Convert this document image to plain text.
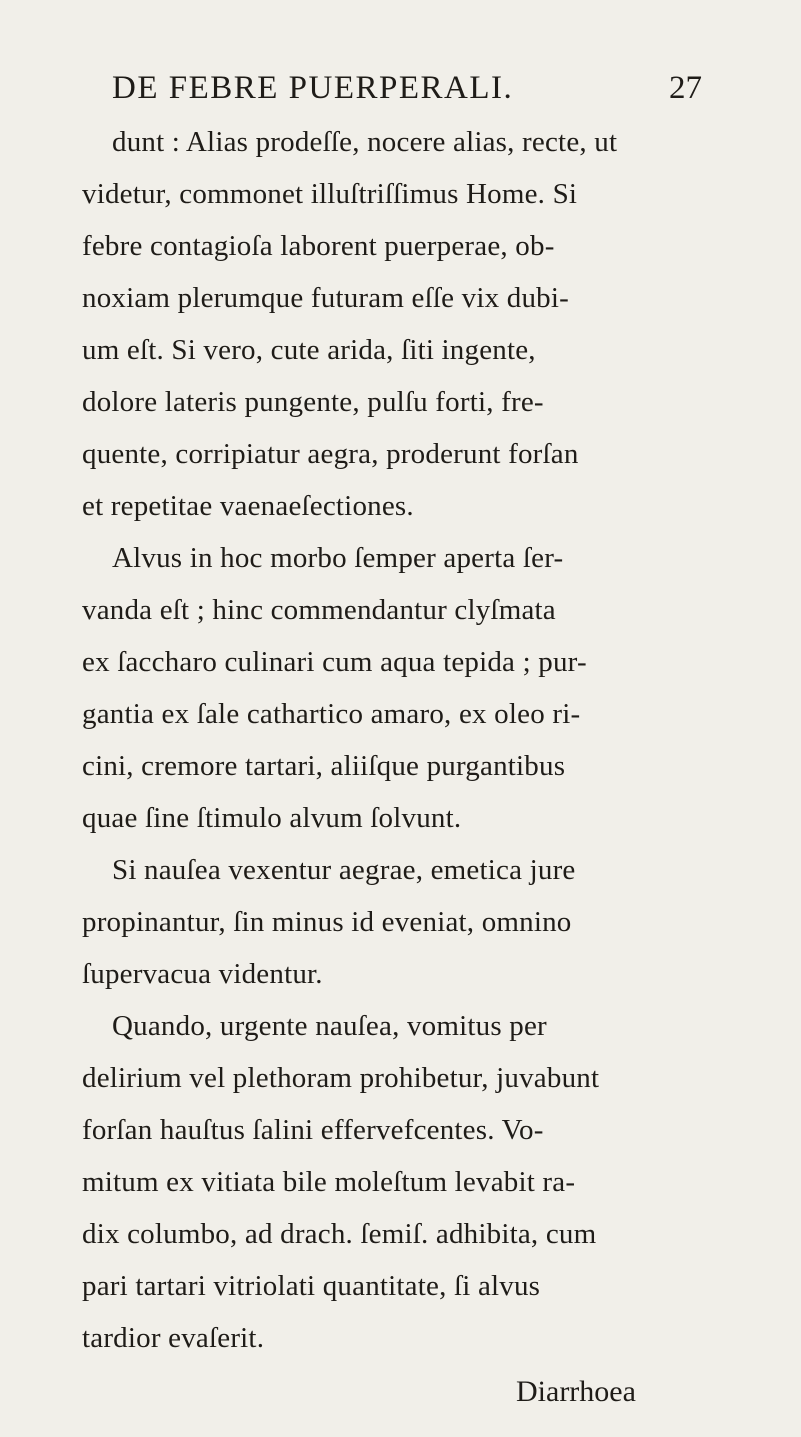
DE FEBRE PUERPERALI.	27
dunt : Alias prodeſſe, nocere alias, recte, ut
videtur, commonet illuſtriſſimus Home. Si
febre contagioſa laborent puerperae, ob-
noxiam plerumque futuram eſſe vix dubi-
um eſt. Si vero, cute arida, ſiti ingente,
dolore lateris pungente, pulſu forti, fre-
quente, corripiatur aegra, proderunt forſan
et repetitae vaenaeſectiones.
Alvus in hoc morbo ſemper aperta ſer-
vanda eſt ; hinc commendantur clyſmata
ex ſaccharo culinari cum aqua tepida ; pur-
gantia ex ſale cathartico amaro, ex oleo ri-
cini, cremore tartari, aliiſque purgantibus
quae ſine ſtimulo alvum ſolvunt.
Si nauſea vexentur aegrae, emetica jure
propinantur, ſin minus id eveniat, omnino
ſupervacua videntur.
Quando, urgente nauſea, vomitus per
delirium vel plethoram prohibetur, juvabunt
forſan hauſtus ſalini effervefcentes. Vo-
mitum ex vitiata bile moleſtum levabit ra-
dix columbo, ad drach. ſemiſ. adhibita, cum
pari tartari vitriolati quantitate, ſi alvus
tardior evaſerit.
Diarrhoea
